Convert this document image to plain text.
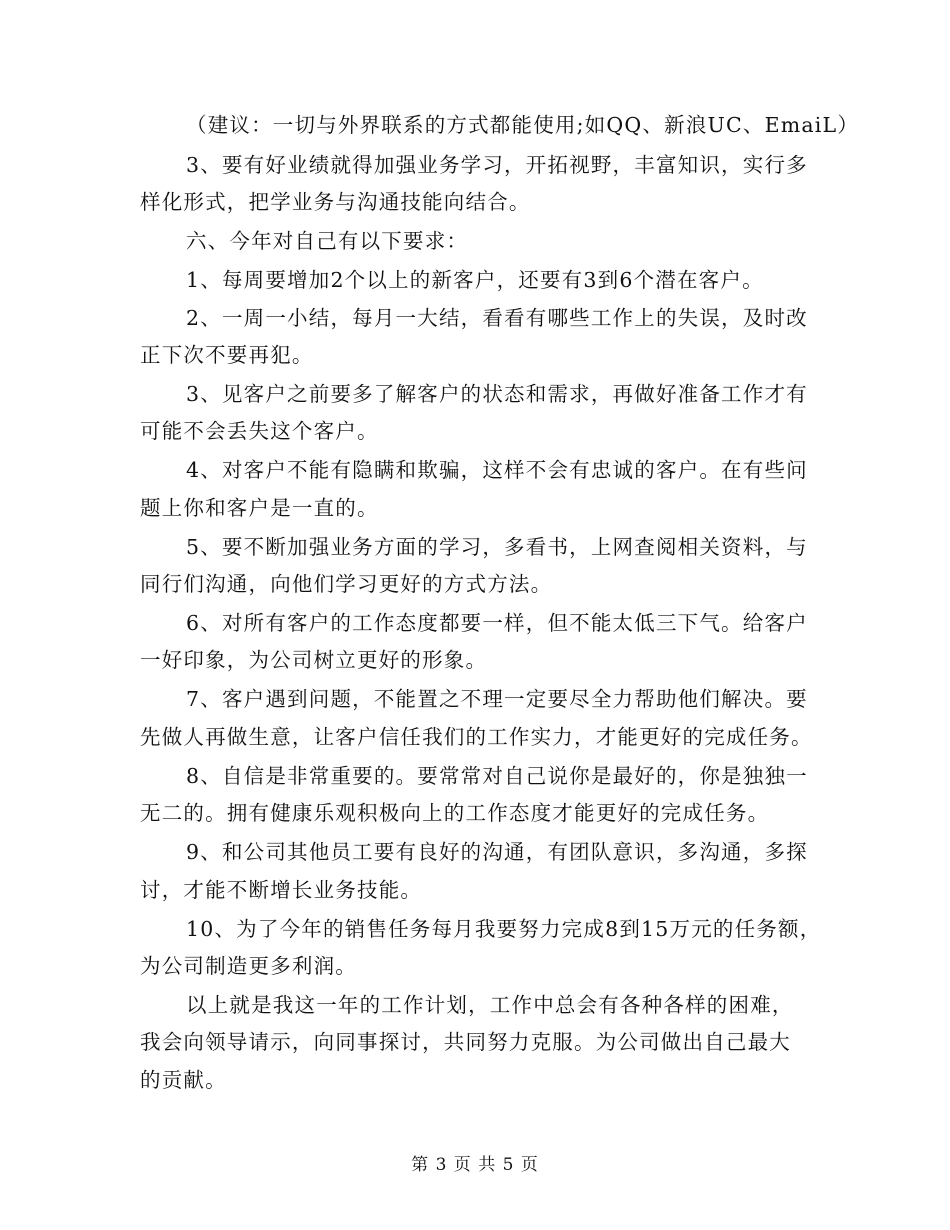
（建议：一切与外界联系的方式都能使用;如QQ、新浪UC、EmaiL）
3、要有好业绩就得加强业务学习，开拓视野，丰富知识，实行多
样化形式，把学业务与沟通技能向结合。
六、今年对自己有以下要求：
1、每周要增加2个以上的新客户，还要有3到6个潜在客户。
2、一周一小结，每月一大结，看看有哪些工作上的失误，及时改
正下次不要再犯。
3、见客户之前要多了解客户的状态和需求，再做好准备工作才有
可能不会丢失这个客户。
4、对客户不能有隐瞒和欺骗，这样不会有忠诚的客户。在有些问
题上你和客户是一直的。
5、要不断加强业务方面的学习，多看书，上网查阅相关资料，与
同行们沟通，向他们学习更好的方式方法。
6、对所有客户的工作态度都要一样，但不能太低三下气。给客户
一好印象，为公司树立更好的形象。
7、客户遇到问题，不能置之不理一定要尽全力帮助他们解决。要
先做人再做生意，让客户信任我们的工作实力，才能更好的完成任务。
8、自信是非常重要的。要常常对自己说你是最好的，你是独独一
无二的。拥有健康乐观积极向上的工作态度才能更好的完成任务。
9、和公司其他员工要有良好的沟通，有团队意识，多沟通，多探
讨，才能不断增长业务技能。
10、为了今年的销售任务每月我要努力完成8到15万元的任务额，
为公司制造更多利润。
以上就是我这一年的工作计划，工作中总会有各种各样的困难，
我会向领导请示，向同事探讨，共同努力克服。为公司做出自己最大
的贡献。
第 3 页 共 5 页
